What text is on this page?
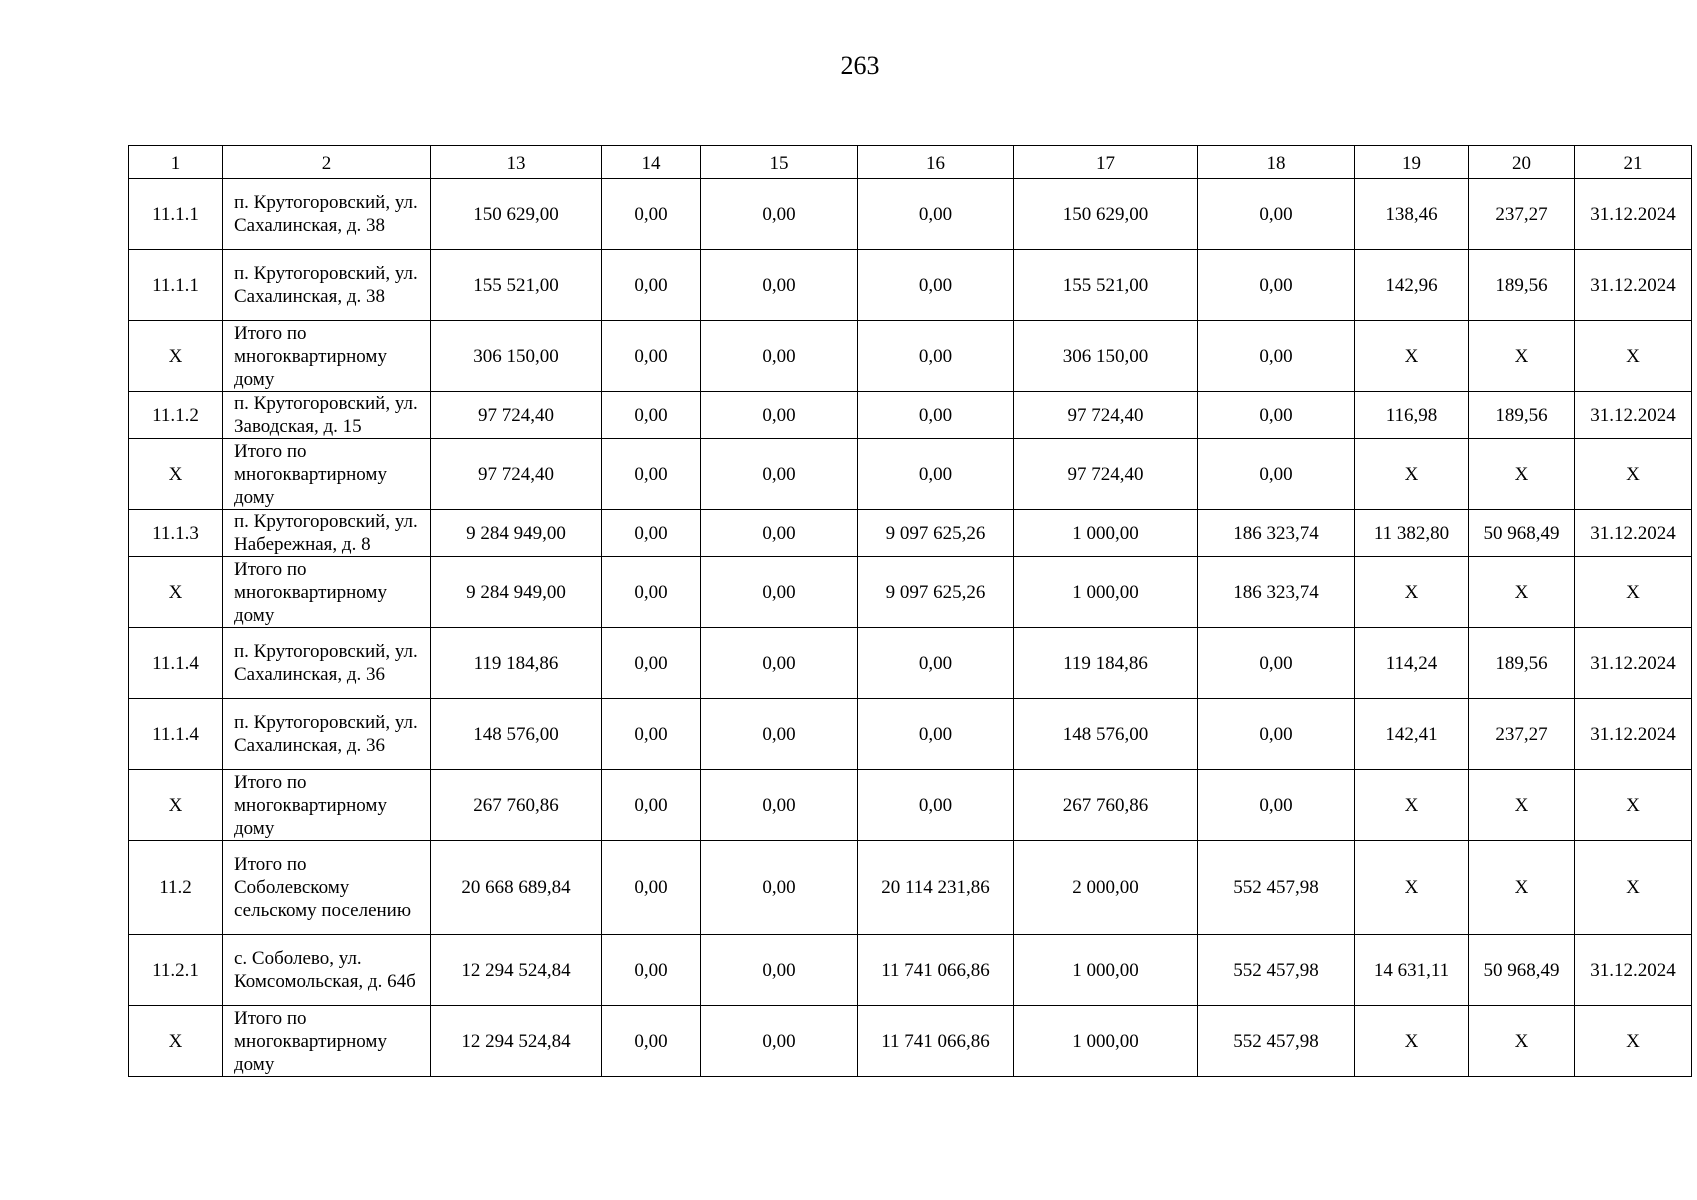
263
1	2	13	14	15	16	17	18	19	20	21
11.1.1	п. Крутогоровский, ул. Сахалинская, д. 38	150 629,00	0,00	0,00	0,00	150 629,00	0,00	138,46	237,27	31.12.2024
11.1.1	п. Крутогоровский, ул. Сахалинская, д. 38	155 521,00	0,00	0,00	0,00	155 521,00	0,00	142,96	189,56	31.12.2024
Х	Итого по многоквартирному дому	306 150,00	0,00	0,00	0,00	306 150,00	0,00	Х	Х	Х
11.1.2	п. Крутогоровский, ул. Заводская, д. 15	97 724,40	0,00	0,00	0,00	97 724,40	0,00	116,98	189,56	31.12.2024
Х	Итого по многоквартирному дому	97 724,40	0,00	0,00	0,00	97 724,40	0,00	Х	Х	Х
11.1.3	п. Крутогоровский, ул. Набережная, д. 8	9 284 949,00	0,00	0,00	9 097 625,26	1 000,00	186 323,74	11 382,80	50 968,49	31.12.2024
Х	Итого по многоквартирному дому	9 284 949,00	0,00	0,00	9 097 625,26	1 000,00	186 323,74	Х	Х	Х
11.1.4	п. Крутогоровский, ул. Сахалинская, д. 36	119 184,86	0,00	0,00	0,00	119 184,86	0,00	114,24	189,56	31.12.2024
11.1.4	п. Крутогоровский, ул. Сахалинская, д. 36	148 576,00	0,00	0,00	0,00	148 576,00	0,00	142,41	237,27	31.12.2024
Х	Итого по многоквартирному дому	267 760,86	0,00	0,00	0,00	267 760,86	0,00	Х	Х	Х
11.2	Итого по Соболевскому сельскому поселению	20 668 689,84	0,00	0,00	20 114 231,86	2 000,00	552 457,98	Х	Х	Х
11.2.1	с. Соболево, ул. Комсомольская, д. 64б	12 294 524,84	0,00	0,00	11 741 066,86	1 000,00	552 457,98	14 631,11	50 968,49	31.12.2024
Х	Итого по многоквартирному дому	12 294 524,84	0,00	0,00	11 741 066,86	1 000,00	552 457,98	Х	Х	Х
